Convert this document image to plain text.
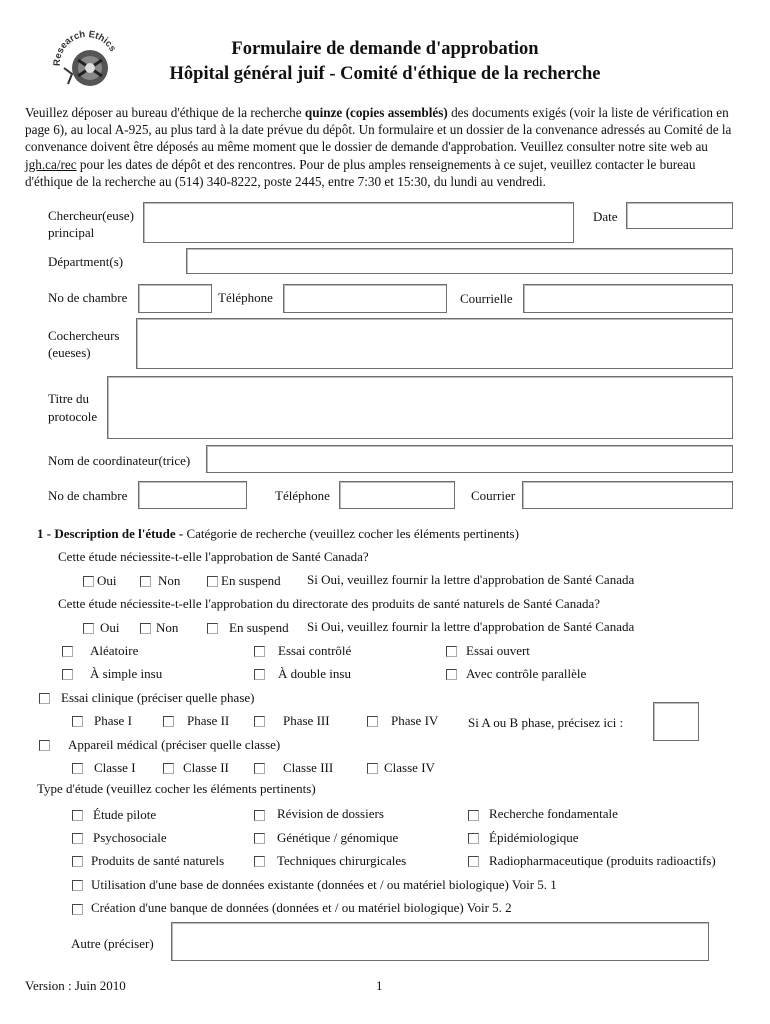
Research Ethics	Formulaire de demande d'approbation
Hôpital général juif - Comité d'éthique de la recherche
Veuillez déposer au bureau d'éthique de la recherche quinze (copies assemblés) des documents exigés (voir la liste de vérification en page 6), au local A-925, au plus tard à la date prévue du dépôt. Un formulaire et un dossier de la convenance adressés au Comité de la convenance doivent être déposés au même moment que le dossier de demande d'approbation. Veuillez consulter notre site web au jgh.ca/rec pour les dates de dépôt et des rencontres. Pour de plus amples renseignements à ce sujet, veuillez contacter le bureau d'éthique de la recherche au (514) 340-8222, poste 2445, entre 7:30 et 15:30, du lundi au vendredi.
Chercheur(euse)
principal
Date
Départment(s)
No de chambre	Téléphone	Courrielle
Cochercheurs
(eueses)
Titre du
protocole
Nom de coordinateur(trice)
No de chambre	Téléphone	Courrier
1 - Description de l'étude - Catégorie de recherche (veuillez cocher les éléments pertinents)
Cette étude néciessite-t-elle l'approbation de Santé Canada?
Oui	Non	En suspend Si Oui, veuillez fournir la lettre d'approbation de Santé Canada
Cette étude néciessite-t-elle l'approbation du directorate des produits de santé naturels de Santé Canada?
Oui	Non	En suspend Si Oui, veuillez fournir la lettre d'approbation de Santé Canada
Aléatoire	Essai contrôlé	Essai ouvert
À simple insu	À double insu	Avec contrôle parallèle
Essai clinique (préciser quelle phase)
Phase I	Phase II	Phase III	Phase IV Si A ou B phase, précisez ici :
Appareil médical (préciser quelle classe)
Classe I	Classe II	Classe III	Classe IV
Type d'étude (veuillez cocher les éléments pertinents)
Étude pilote	Révision de dossiers	Recherche fondamentale
Psychosociale	Génétique / génomique	Épidémiologique
Produits de santé naturels	Techniques chirurgicales	Radiopharmaceutique (produits radioactifs)
Utilisation d'une base de données existante (données et / ou matériel biologique) Voir 5. 1
Création d'une banque de données (données et / ou matériel biologique) Voir 5. 2
Autre (préciser)
Version : Juin 2010	1
